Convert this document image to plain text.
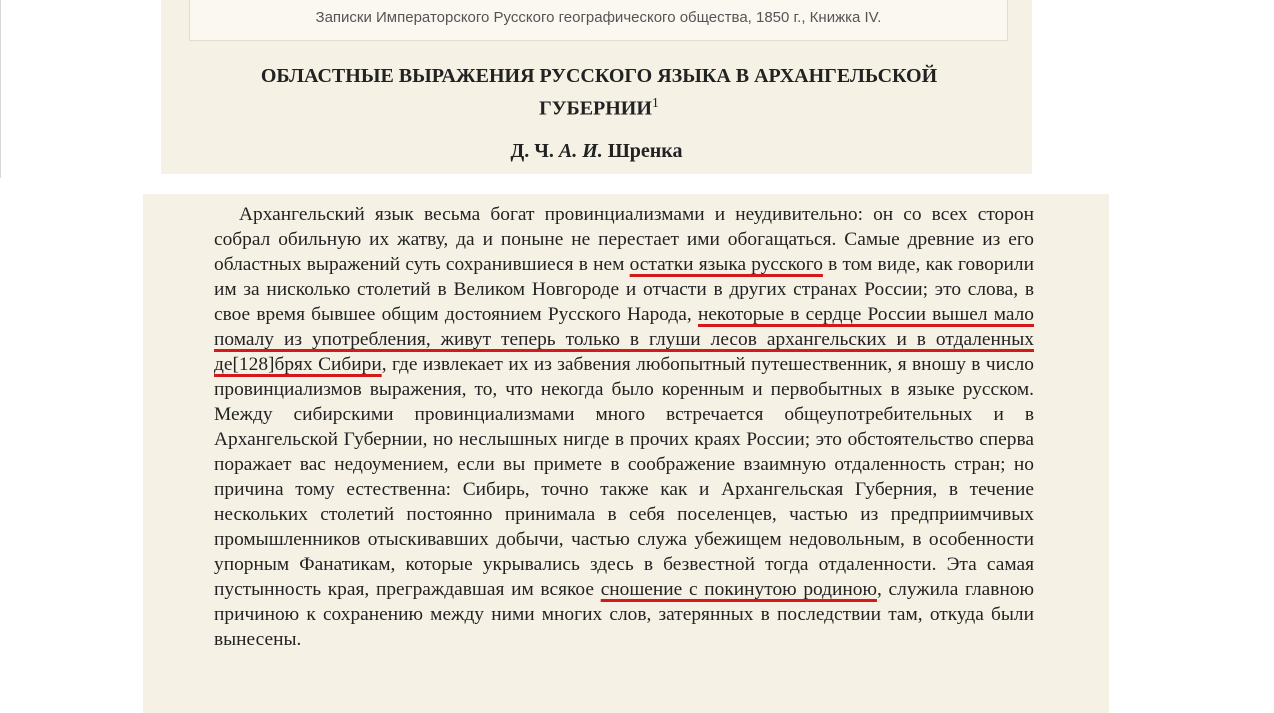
Записки Императорского Русского географического общества, 1850 г., Книжка IV.
ОБЛАСТНЫЕ ВЫРАЖЕНИЯ РУССКОГО ЯЗЫКА В АРХАНГЕЛЬСКОЙ ГУБЕРНИИ$^1$
Д. Ч. А. И. Шренка

Архангельский язык весьма богат провинциализмами и неудивительно: он со всех сторон собрал обильную их жатву, да и поныне не перестает ими обогащаться. Самые древние из его областных выражений суть сохранившиеся в нем остатки языка русского в том виде, как говорили им за нисколько столетий в Великом Новгороде и отчасти в других странах России; это слова, в свое время бывшее общим достоянием Русского Народа, некоторые в сердце России вышел мало помалу из употребления, живут теперь только в глуши лесов архангельских и в отдаленных де[128]брях Сибири, где извлекает их из забвения любопытный путешественник, я вношу в число провинциализмов выражения, то, что некогда было коренным и первобытных в языке русском. Между сибирскими провинциализмами много встречается общеупотребительных и в Архангельской Губернии, но неслышных нигде в прочих краях России; это обстоятельство сперва поражает вас недоумением, если вы примете в соображение взаимную отдаленность стран; но причина тому естественна: Сибирь, точно также как и Архангельская Губерния, в течение нескольких столетий постоянно принимала в себя поселенцев, частью из предприимчивых промышленников отыскивавших добычи, частью служа убежищем недовольным, в особенности упорным Фанатикам, которые укрывались здесь в безвестной тогда отдаленности. Эта самая пустынность края, преграждавшая им всякое сношение с покинутою родиною, служила главною причиною к сохранению между ними многих слов, затерянных в последствии там, откуда были вынесены.
